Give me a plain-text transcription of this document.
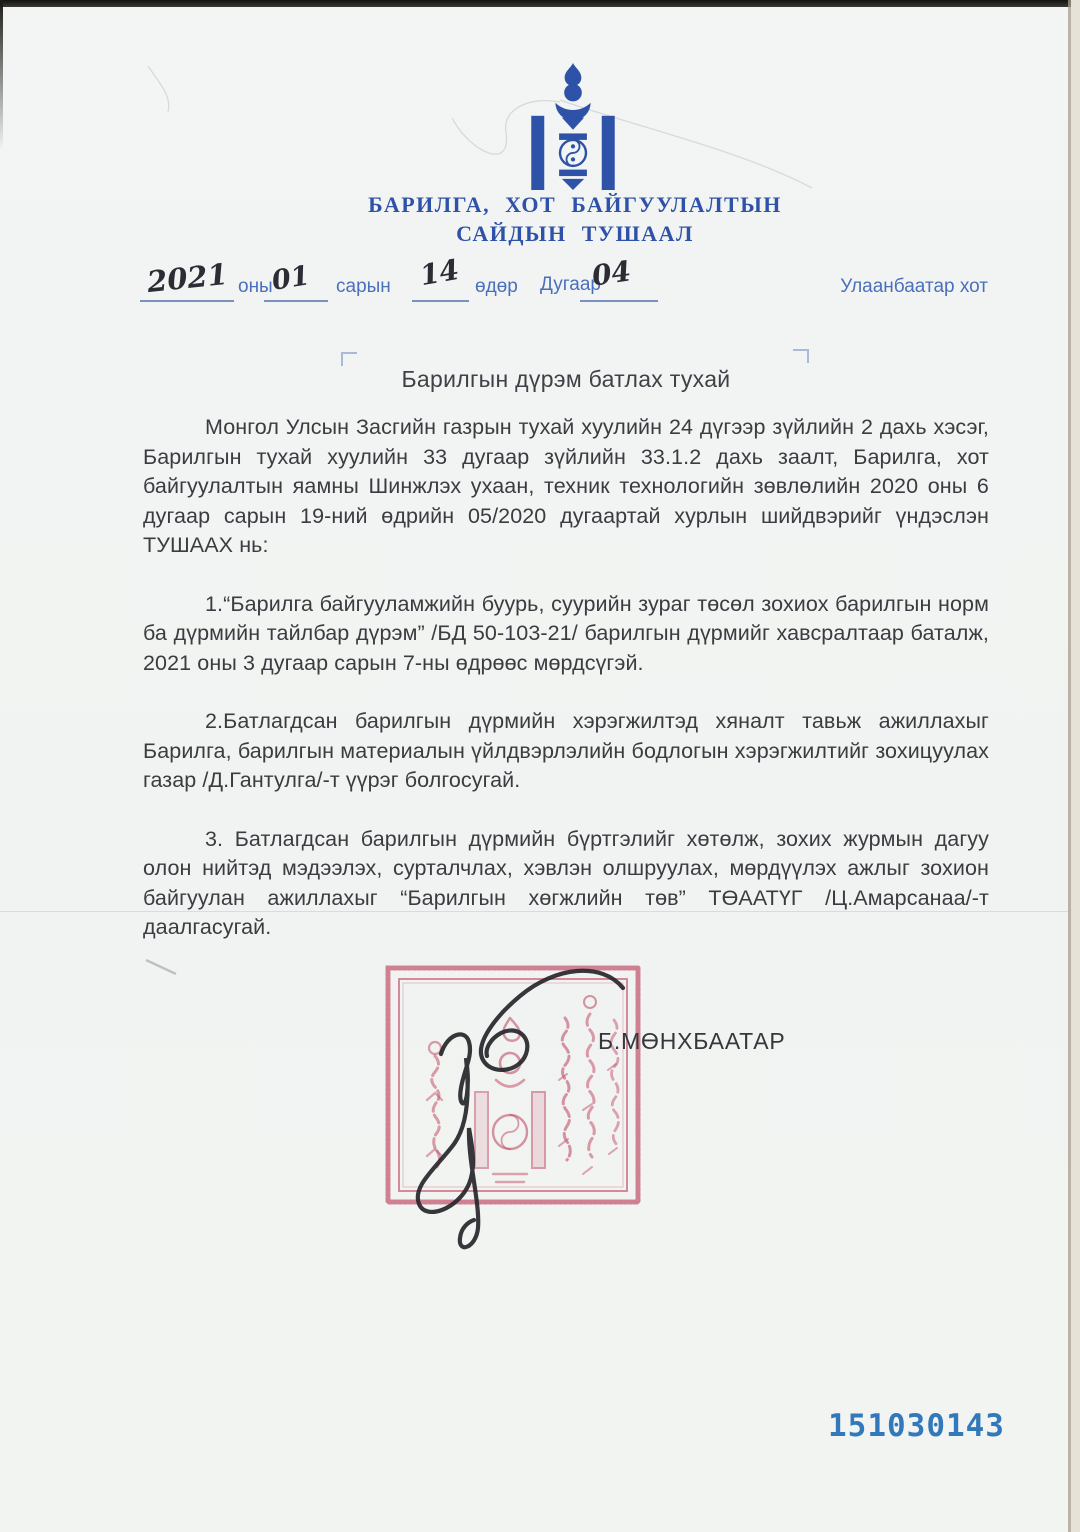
БАРИЛГА, ХОТ БАЙГУУЛАЛТЫН
САЙДЫН ТУШААЛ
2021 оны
01 сарын 14 өдөр Дугаар
04	Улаанбаатар хот
Барилгын дүрэм батлах тухай

Монгол Улсын Засгийн газрын тухай хуулийн 24 дүгээр зүйлийн 2 дахь хэсэг, Барилгын тухай хуулийн 33 дугаар зүйлийн 33.1.2 дахь заалт, Барилга, хот байгуулалтын яамны Шинжлэх ухаан, техник технологийн зөвлөлийн 2020 оны 6 дугаар сарын 19-ний өдрийн 05/2020 дугаартай хурлын шийдвэрийг үндэслэн ТУШААХ нь:

1.“Барилга байгууламжийн буурь, суурийн зураг төсөл зохиох барилгын норм ба дүрмийн тайлбар дүрэм” /БД 50-103-21/ барилгын дүрмийг хавсралтаар баталж, 2021 оны 3 дугаар сарын 7-ны өдрөөс мөрдсүгэй.

2.Батлагдсан барилгын дүрмийн хэрэгжилтэд хяналт тавьж ажиллахыг Барилга, барилгын материалын үйлдвэрлэлийн бодлогын хэрэгжилтийг зохицуулах газар /Д.Гантулга/-т үүрэг болгосугай.

3. Батлагдсан барилгын дүрмийн бүртгэлийг хөтөлж, зохих журмын дагуу олон нийтэд мэдээлэх, сурталчлах, хэвлэн олшруулах, мөрдүүлэх ажлыг зохион байгуулан ажиллахыг “Барилгын хөгжлийн төв” ТӨААТҮГ /Ц.Амарсанаа/-т даалгасугай.

Б.МӨНХБААТАР
151030143
